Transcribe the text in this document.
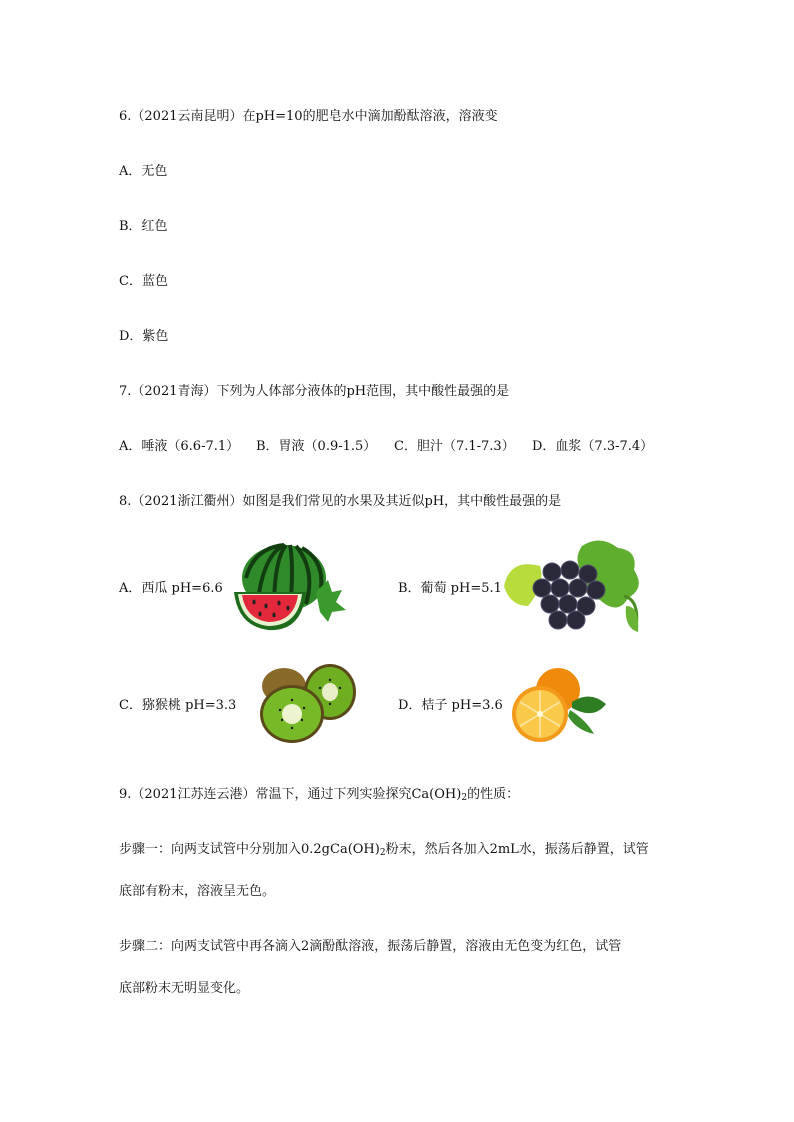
6.（2021云南昆明）在pH=10的肥皂水中滴加酚酞溶液，溶液变
A．无色
B．红色
C．蓝色
D．紫色
7.（2021青海）下列为人体部分液体的pH范围，其中酸性最强的是
A．唾液（6.6-7.1） B．胃液（0.9-1.5） C．胆汁（7.1-7.3） D．血浆（7.3-7.4）
8.（2021浙江衢州）如图是我们常见的水果及其近似pH，其中酸性最强的是
A．西瓜 pH=6.6	B．葡萄 pH=5.1
C．猕猴桃 pH=3.3	D．桔子 pH=3.6
9.（2021江苏连云港）常温下，通过下列实验探究$Ca(OH)_2$的性质：
步骤一：向两支试管中分别加入$0.2gCa(OH)_2$粉末，然后各加入2mL水，振荡后静置，试管
底部有粉末，溶液呈无色。
步骤二：向两支试管中再各滴入2滴酚酞溶液，振荡后静置，溶液由无色变为红色，试管
底部粉末无明显变化。
